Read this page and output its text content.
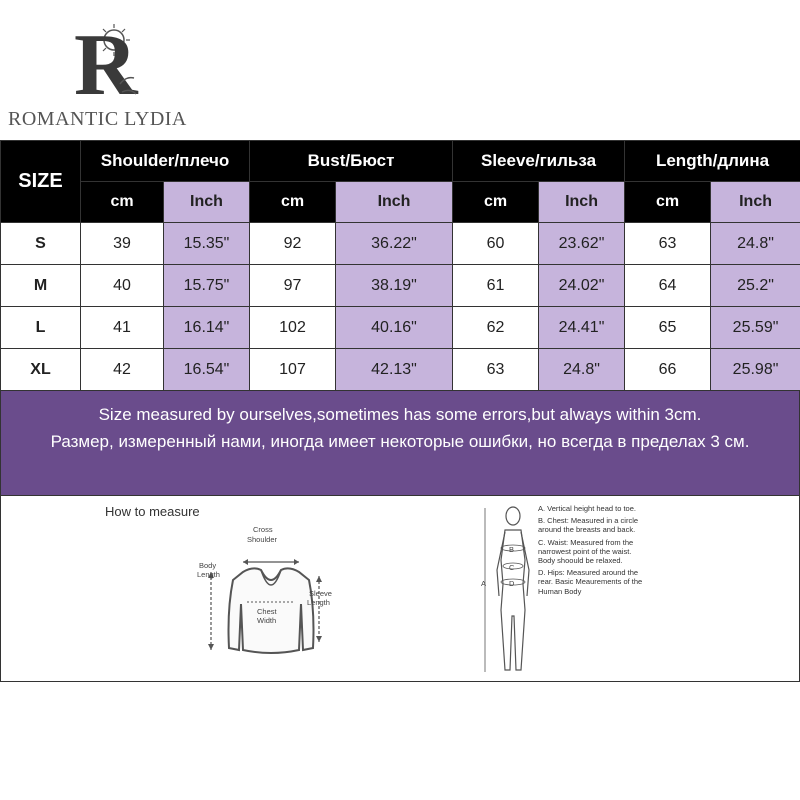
R
ROMANTIC LYDIA
SIZE	Shoulder/плечо		Bust/Бюст		Sleeve/гильза		Length/длина	
	cm	Inch	cm	Inch	cm	Inch	cm	Inch
S	39	15.35"	92	36.22"	60	23.62"	63	24.8"
M	40	15.75"	97	38.19"	61	24.02"	64	25.2"
L	41	16.14"	102	40.16"	62	24.41"	65	25.59"
XL	42	16.54"	107	42.13"	63	24.8"	66	25.98"
Size measured by ourselves,sometimes has some errors,but always within 3cm.
Размер, измеренный нами, иногда имеет некоторые ошибки, но всегда в пределах 3 см.
How to measure
Cross
Shoulder
Body
Length
Chest
Width
Sleeve
Length
A
B
C
D

A. Vertical height head to toe.

B. Chest: Measured in a circle around the breasts and back.

C. Waist: Measured from the narrowest point of the waist. Body shoould be relaxed.

D. Hips: Measured around the rear. Basic Meaurements of the Human Body
